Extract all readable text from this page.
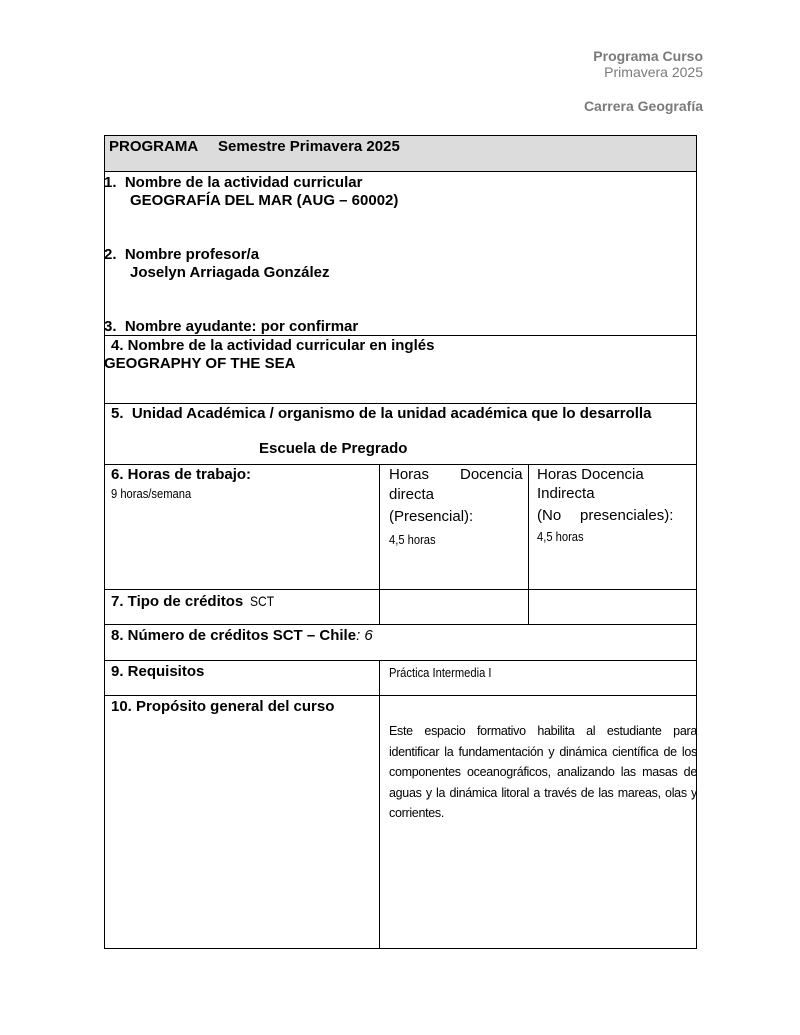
Programa Curso
Primavera 2025
Carrera Geografía
PROGRAMA Semestre Primavera 2025
1.  Nombre de la actividad curricular
GEOGRAFÍA DEL MAR (AUG – 60002)
2.  Nombre profesor/a
Joselyn Arriagada González
3.  Nombre ayudante: por confirmar
4. Nombre de la actividad curricular en inglés
GEOGRAPHY OF THE SEA
5.  Unidad Académica / organismo de la unidad académica que lo desarrolla
Escuela de Pregrado
6. Horas de trabajo:
9 horas/semana
Horas Docencia
directa
(Presencial):
4,5 horas
Horas Docencia
Indirecta
(No presenciales):
4,5 horas
7. Tipo de créditos SCT
8. Número de créditos SCT – Chile: 6
9. Requisitos	Práctica Intermedia I
10. Propósito general del curso
Este espacio formativo habilita al estudiante para identificar la fundamentación y dinámica científica de los componentes oceanográficos, analizando las masas de aguas y la dinámica litoral a través de las mareas, olas y corrientes.
